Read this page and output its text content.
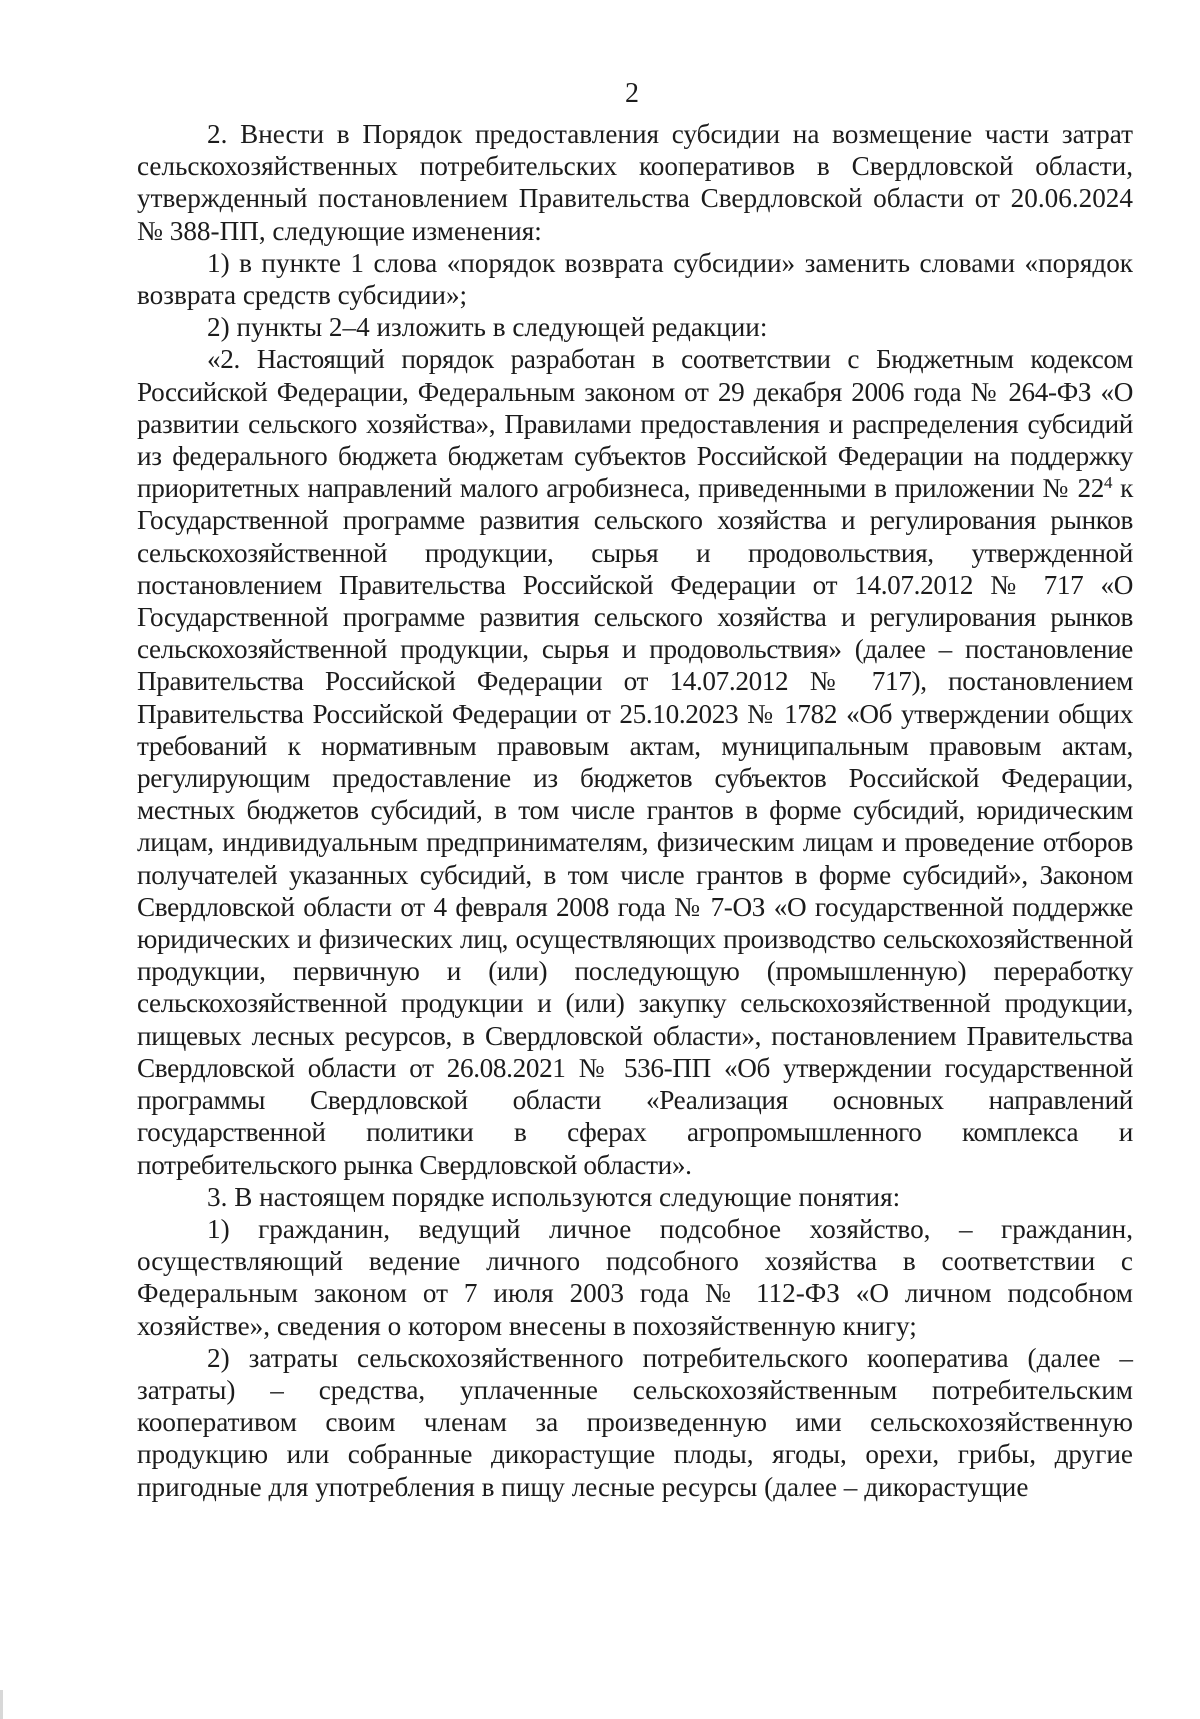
2

2. Внести в Порядок предоставления субсидии на возмещение части затрат сельскохозяйственных потребительских кооперативов в Свердловской области, утвержденный постановлением Правительства Свердловской области от 20.06.2024 № 388-ПП, следующие изменения:

1) в пункте 1 слова «порядок возврата субсидии» заменить словами «порядок возврата средств субсидии»;

2) пункты 2–4 изложить в следующей редакции:

«2. Настоящий порядок разработан в соответствии с Бюджетным кодексом Российской Федерации, Федеральным законом от 29 декабря 2006 года № 264-ФЗ «О развитии сельского хозяйства», Правилами предоставления и распределения субсидий из федерального бюджета бюджетам субъектов Российской Федерации на поддержку приоритетных направлений малого агробизнеса, приведенными в приложении № $22^4$ к Государственной программе развития сельского хозяйства и регулирования рынков сельскохозяйственной продукции, сырья и продовольствия, утвержденной постановлением Правительства Российской Федерации от 14.07.2012 № 717 «О Государственной программе развития сельского хозяйства и регулирования рынков сельскохозяйственной продукции, сырья и продовольствия» (далее – постановление Правительства Российской Федерации от 14.07.2012 № 717), постановлением Правительства Российской Федерации от 25.10.2023 № 1782 «Об утверждении общих требований к нормативным правовым актам, муниципальным правовым актам, регулирующим предоставление из бюджетов субъектов Российской Федерации, местных бюджетов субсидий, в том числе грантов в форме субсидий, юридическим лицам, индивидуальным предпринимателям, физическим лицам и проведение отборов получателей указанных субсидий, в том числе грантов в форме субсидий», Законом Свердловской области от 4 февраля 2008 года № 7-ОЗ «О государственной поддержке юридических и физических лиц, осуществляющих производство сельскохозяйственной продукции, первичную и (или) последующую (промышленную) переработку сельскохозяйственной продукции и (или) закупку сельскохозяйственной продукции, пищевых лесных ресурсов, в Свердловской области», постановлением Правительства Свердловской области от 26.08.2021 № 536-ПП «Об утверждении государственной программы Свердловской области «Реализация основных направлений государственной политики в сферах агропромышленного комплекса и потребительского рынка Свердловской области».

3. В настоящем порядке используются следующие понятия:

1) гражданин, ведущий личное подсобное хозяйство, – гражданин, осуществляющий ведение личного подсобного хозяйства в соответствии с Федеральным законом от 7 июля 2003 года № 112-ФЗ «О личном подсобном хозяйстве», сведения о котором внесены в похозяйственную книгу;

2) затраты сельскохозяйственного потребительского кооператива (далее – затраты) – средства, уплаченные сельскохозяйственным потребительским кооперативом своим членам за произведенную ими сельскохозяйственную продукцию или собранные дикорастущие плоды, ягоды, орехи, грибы, другие пригодные для употребления в пищу лесные ресурсы (далее – дикорастущие
